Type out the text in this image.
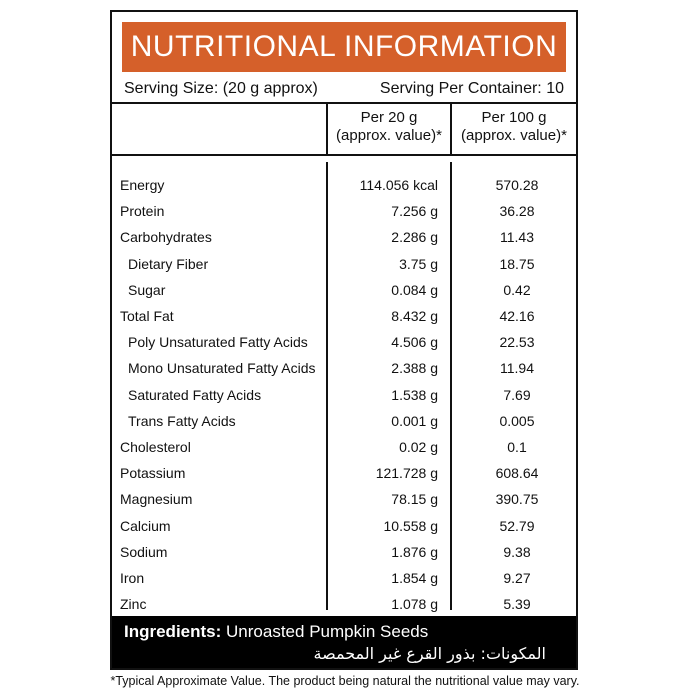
NUTRITIONAL INFORMATION
Serving Size: (20 g approx)	Serving Per Container: 10
Per 20 g
(approx. value)*
Per 100 g
(approx. value)*
Energy	114.056 kcal	570.28
Protein	7.256 g	36.28
Carbohydrates	2.286 g	11.43
Dietary Fiber	3.75 g	18.75
Sugar	0.084 g	0.42
Total Fat	8.432 g	42.16
Poly Unsaturated Fatty Acids	4.506 g	22.53
Mono Unsaturated Fatty Acids	2.388 g	11.94
Saturated Fatty Acids	1.538 g	7.69
Trans Fatty Acids	0.001 g	0.005
Cholesterol	0.02 g	0.1
Potassium	121.728 g	608.64
Magnesium	78.15 g	390.75
Calcium	10.558 g	52.79
Sodium	1.876 g	9.38
Iron	1.854 g	9.27
Zinc	1.078 g	5.39
Ingredients: Unroasted Pumpkin Seeds
المكونات: بذور القرع غير المحمصة
*Typical Approximate Value. The product being natural the nutritional value may vary.
